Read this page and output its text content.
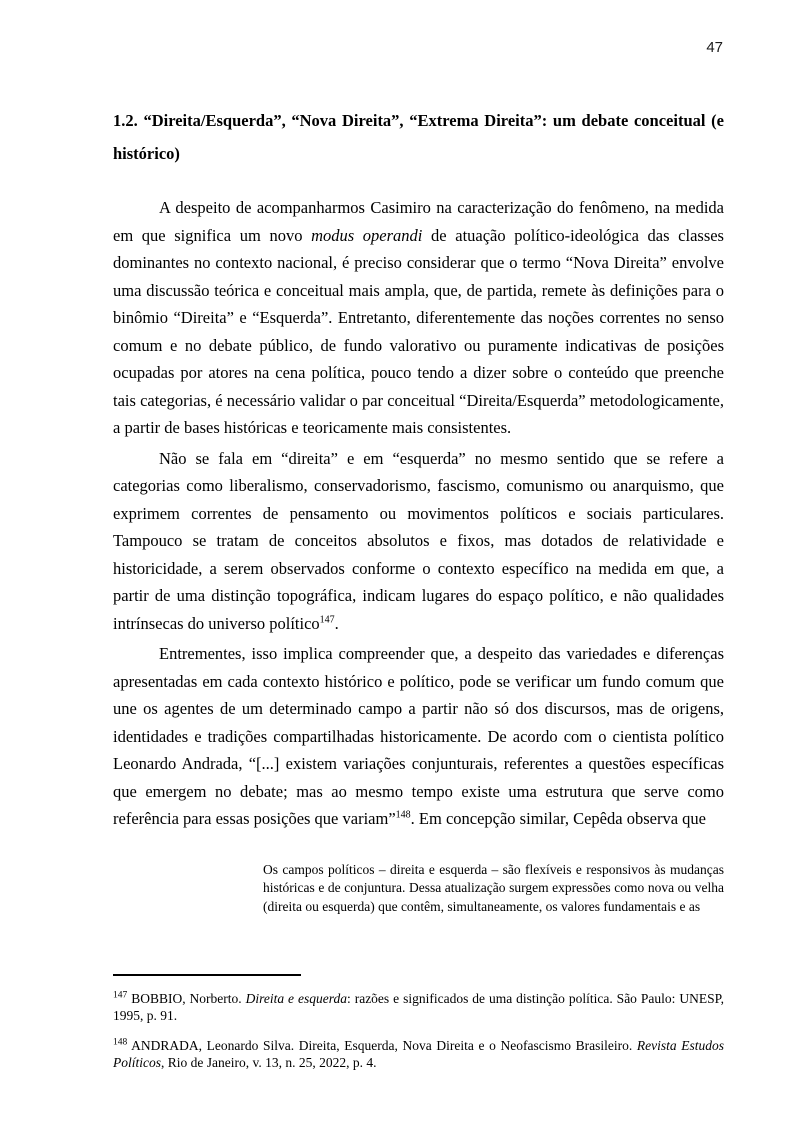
47
1.2. “Direita/Esquerda”, “Nova Direita”, “Extrema Direita”: um debate conceitual (e histórico)

A despeito de acompanharmos Casimiro na caracterização do fenômeno, na medida em que significa um novo modus operandi de atuação político-ideológica das classes dominantes no contexto nacional, é preciso considerar que o termo “Nova Direita” envolve uma discussão teórica e conceitual mais ampla, que, de partida, remete às definições para o binômio “Direita” e “Esquerda”. Entretanto, diferentemente das noções correntes no senso comum e no debate público, de fundo valorativo ou puramente indicativas de posições ocupadas por atores na cena política, pouco tendo a dizer sobre o conteúdo que preenche tais categorias, é necessário validar o par conceitual “Direita/Esquerda” metodologicamente, a partir de bases históricas e teoricamente mais consistentes.

Não se fala em “direita” e em “esquerda” no mesmo sentido que se refere a categorias como liberalismo, conservadorismo, fascismo, comunismo ou anarquismo, que exprimem correntes de pensamento ou movimentos políticos e sociais particulares. Tampouco se tratam de conceitos absolutos e fixos, mas dotados de relatividade e historicidade, a serem observados conforme o contexto específico na medida em que, a partir de uma distinção topográfica, indicam lugares do espaço político, e não qualidades intrínsecas do universo político$^{147}$.

Entrementes, isso implica compreender que, a despeito das variedades e diferenças apresentadas em cada contexto histórico e político, pode se verificar um fundo comum que une os agentes de um determinado campo a partir não só dos discursos, mas de origens, identidades e tradições compartilhadas historicamente. De acordo com o cientista político Leonardo Andrada, “[...] existem variações conjunturais, referentes a questões específicas que emergem no debate; mas ao mesmo tempo existe uma estrutura que serve como referência para essas posições que variam”$^{148}$. Em concepção similar, Cepêda observa que

Os campos políticos – direita e esquerda – são flexíveis e responsivos às mudanças históricas e de conjuntura. Dessa atualização surgem expressões como nova ou velha (direita ou esquerda) que contêm, simultaneamente, os valores fundamentais e as

$^{147}$ BOBBIO, Norberto. Direita e esquerda: razões e significados de uma distinção política. São Paulo: UNESP, 1995, p. 91.

$^{148}$ ANDRADA, Leonardo Silva. Direita, Esquerda, Nova Direita e o Neofascismo Brasileiro. Revista Estudos Políticos, Rio de Janeiro, v. 13, n. 25, 2022, p. 4.
